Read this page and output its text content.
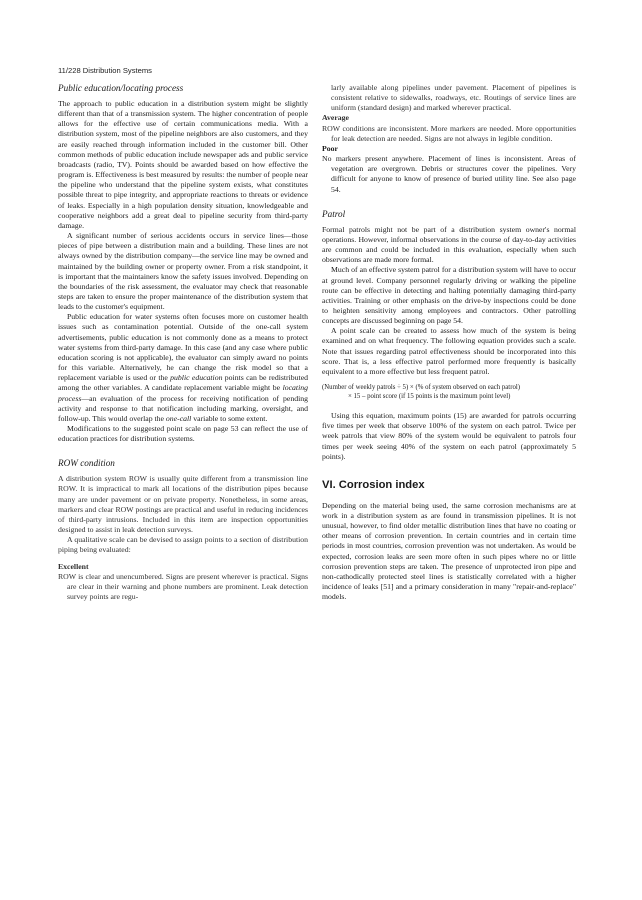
11/228 Distribution Systems
Public education/locating process

The approach to public education in a distribution system might be slightly different than that of a transmission system. The higher concentration of people allows for the effective use of certain communications media. With a distribution system, most of the pipeline neighbors are also customers, and they are easily reached through information included in the customer bill. Other common methods of public education include newspaper ads and public service broadcasts (radio, TV). Points should be awarded based on how effective the program is. Effectiveness is best measured by results: the number of people near the pipeline who understand that the pipeline system exists, what constitutes possible threat to pipe integrity, and appropriate reactions to threats or evidence of leaks. Especially in a high population density situation, knowledgeable and cooperative neighbors add a great deal to pipeline security from third-party damage.

A significant number of serious accidents occurs in service lines—those pieces of pipe between a distribution main and a building. These lines are not always owned by the distribution company—the service line may be owned and maintained by the building owner or property owner. From a risk standpoint, it is important that the maintainers know the safety issues involved. Depending on the boundaries of the risk assessment, the evaluator may check that reasonable steps are taken to ensure the proper maintenance of the distribution system that leads to the customer's equipment.

Public education for water systems often focuses more on customer health issues such as contamination potential. Outside of the one-call system advertisements, public education is not commonly done as a means to protect water systems from third-party damage. In this case (and any case where public education scoring is not applicable), the evaluator can simply award no points for this variable. Alternatively, he can change the risk model so that a replacement variable is used or the public education points can be redistributed among the other variables. A candidate replacement variable might be locating process—an evaluation of the process for receiving notification of pending activity and response to that notification including marking, oversight, and follow-up. This would overlap the one-call variable to some extent.

Modifications to the suggested point scale on page 53 can reflect the use of education practices for distribution systems.

ROW condition

A distribution system ROW is usually quite different from a transmission line ROW. It is impractical to mark all locations of the distribution pipes because many are under pavement or on private property. Nonetheless, in some areas, markers and clear ROW postings are practical and useful in reducing incidences of third-party intrusions. Included in this item are inspection opportunities designed to assist in leak detection surveys.

A qualitative scale can be devised to assign points to a section of distribution piping being evaluated:

Excellent

ROW is clear and unencumbered. Signs are present wherever is practical. Signs are clear in their warning and phone numbers are prominent. Leak detection survey points are regu-

larly available along pipelines under pavement. Placement of pipelines is consistent relative to sidewalks, roadways, etc. Routings of service lines are uniform (standard design) and marked wherever practical.

Average

ROW conditions are inconsistent. More markers are needed. More opportunities for leak detection are needed. Signs are not always in legible condition.

Poor

No markers present anywhere. Placement of lines is inconsistent. Areas of vegetation are overgrown. Debris or structures cover the pipelines. Very difficult for anyone to know of presence of buried utility line. See also page 54.

Patrol

Formal patrols might not be part of a distribution system owner's normal operations. However, informal observations in the course of day-to-day activities are common and could be included in this evaluation, especially when such observations are made more formal.

Much of an effective system patrol for a distribution system will have to occur at ground level. Company personnel regularly driving or walking the pipeline route can be effective in detecting and halting potentially damaging third-party activities. Training or other emphasis on the drive-by inspections could be done to heighten sensitivity among employees and contractors. Other patrolling concepts are discussed beginning on page 54.

A point scale can be created to assess how much of the system is being examined and on what frequency. The following equation provides such a scale. Note that issues regarding patrol effectiveness should be incorporated into this score. That is, a less effective patrol performed more frequently is basically equivalent to a more effective but less frequent patrol.

(Number of weekly patrols ÷ 5) × (% of system observed on each patrol)
× 15 – point score (if 15 points is the maximum point level)

Using this equation, maximum points (15) are awarded for patrols occurring five times per week that observe 100% of the system on each patrol. Twice per week patrols that view 80% of the system would be equivalent to patrols four times per week seeing 40% of the system on each patrol (approximately 5 points).

VI. Corrosion index

Depending on the material being used, the same corrosion mechanisms are at work in a distribution system as are found in transmission pipelines. It is not unusual, however, to find older metallic distribution lines that have no coating or other means of corrosion prevention. In certain countries and in certain time periods in most countries, corrosion prevention was not undertaken. As would be expected, corrosion leaks are seen more often in such pipes where no or little corrosion prevention steps are taken. The presence of unprotected iron pipe and non-cathodically protected steel lines is statistically correlated with a higher incidence of leaks [51] and a primary consideration in many "repair-and-replace" models.
